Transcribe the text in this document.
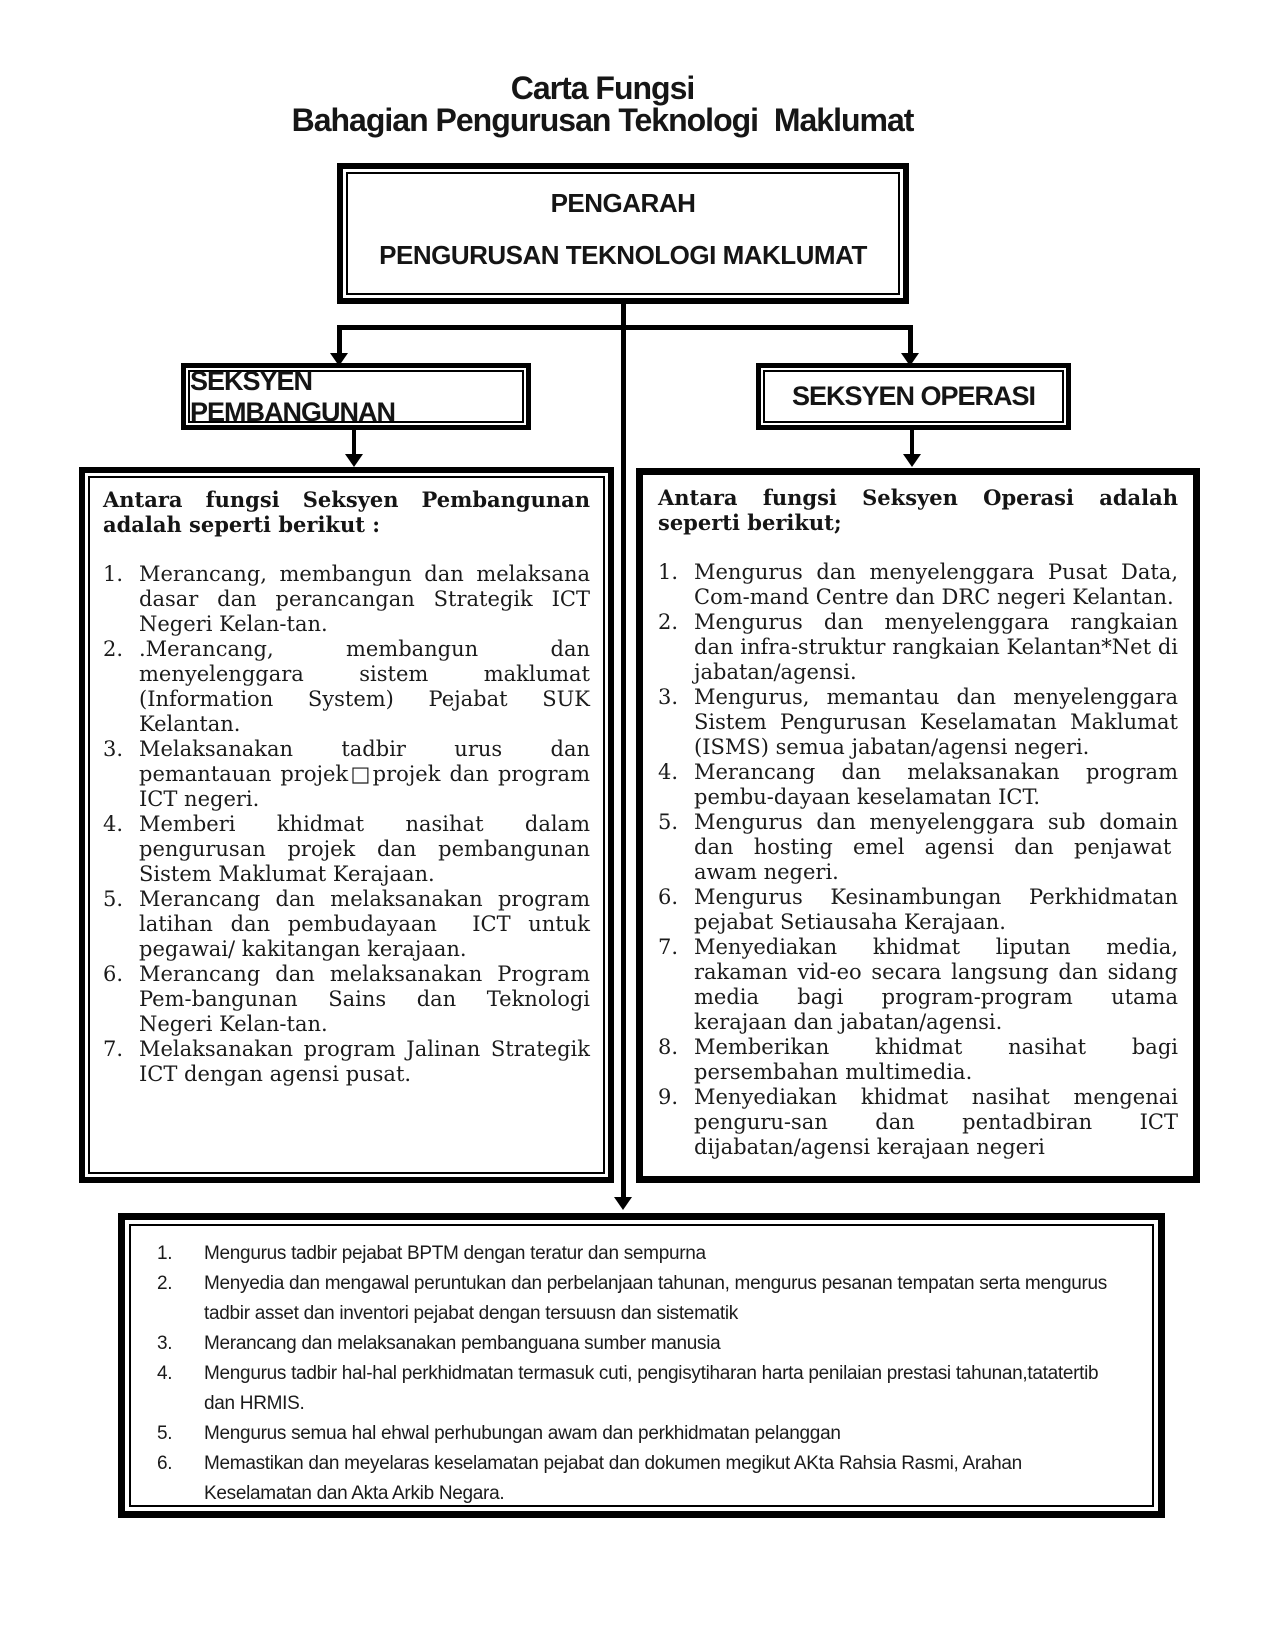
Carta Fungsi
Bahagian Pengurusan Teknologi  Maklumat
PENGARAH
PENGURUSAN TEKNOLOGI MAKLUMAT
SEKSYEN PEMBANGUNAN
SEKSYEN OPERASI
Antara fungsi Seksyen Pembangunan adalah seperti berikut :
1. Merancang, membangun dan melaksana dasar dan perancangan Strategik ICT Negeri Kelan-tan.
2. .Merancang, membangun dan menyelenggara sistem maklumat (Information System) Pejabat SUK Kelantan.
3. Melaksanakan tadbir urus dan pemantauan projek□projek dan program ICT negeri.
4. Memberi khidmat nasihat dalam pengurusan projek dan pembangunan Sistem Maklumat Kerajaan.
5. Merancang dan melaksanakan program latihan dan pembudayaan  ICT untuk pegawai/ kakitangan kerajaan.
6. Merancang dan melaksanakan Program Pem-bangunan Sains dan Teknologi Negeri Kelan-tan.
7. Melaksanakan program Jalinan Strategik ICT dengan agensi pusat.
Antara fungsi Seksyen Operasi adalah seperti berikut;
1. Mengurus dan menyelenggara Pusat Data, Com-mand Centre dan DRC negeri Kelantan.
2. Mengurus dan menyelenggara rangkaian dan infra-struktur rangkaian Kelantan*Net di jabatan/agensi.
3. Mengurus, memantau dan menyelenggara Sistem Pengurusan Keselamatan Maklumat (ISMS) semua jabatan/agensi negeri.
4. Merancang dan melaksanakan program pembu-dayaan keselamatan ICT.
5. Mengurus dan menyelenggara sub domain dan hosting emel agensi dan penjawat  awam negeri.
6. Mengurus Kesinambungan Perkhidmatan pejabat Setiausaha Kerajaan.
7. Menyediakan khidmat liputan media, rakaman vid-eo secara langsung dan sidang media bagi program-program utama kerajaan dan jabatan/agensi.
8. Memberikan khidmat nasihat bagi persembahan multimedia.
9. Menyediakan khidmat nasihat mengenai penguru-san dan pentadbiran ICT dijabatan/agensi kerajaan negeri
1.	Mengurus tadbir pejabat BPTM dengan teratur dan sempurna
2.	Menyedia dan mengawal peruntukan dan perbelanjaan tahunan, mengurus pesanan tempatan serta mengurus tadbir asset dan inventori pejabat dengan tersuusn dan sistematik
3.	Merancang dan melaksanakan pembanguana sumber manusia
4.	Mengurus tadbir hal-hal perkhidmatan termasuk cuti, pengisytiharan harta penilaian prestasi tahunan,tatatertib dan HRMIS.
5.	Mengurus semua hal ehwal perhubungan awam dan perkhidmatan pelanggan
6.	Memastikan dan meyelaras keselamatan pejabat dan dokumen megikut AKta Rahsia Rasmi, Arahan Keselamatan dan Akta Arkib Negara.
